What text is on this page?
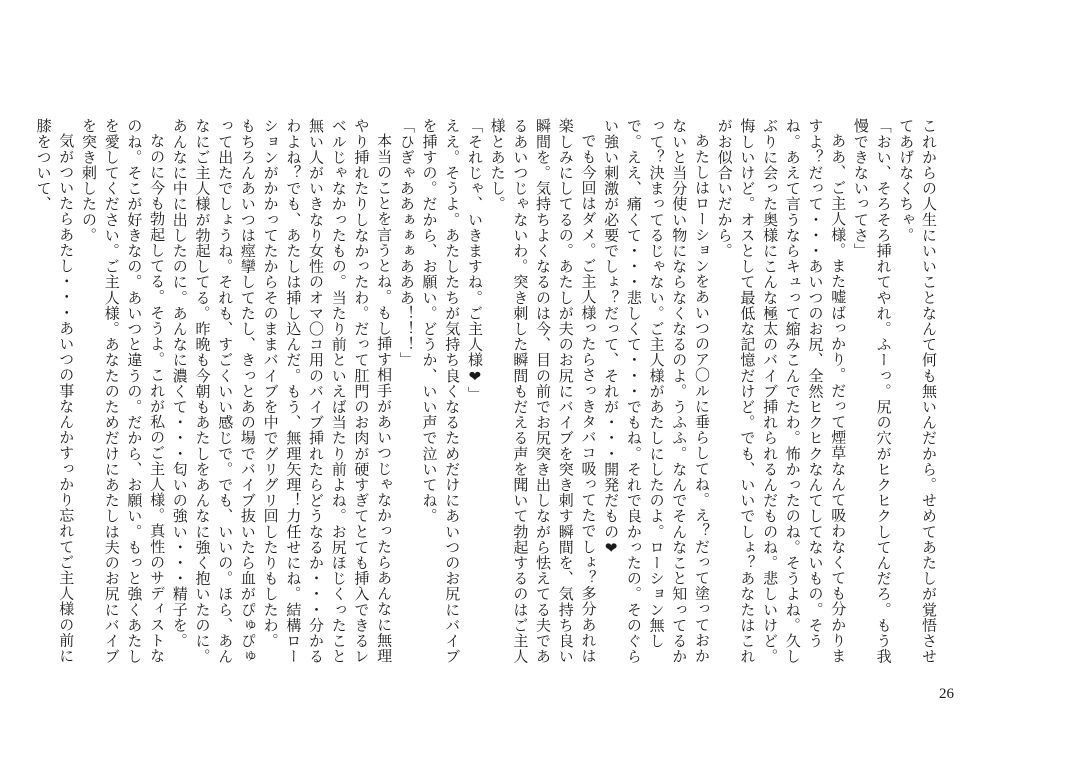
これからの人生にいいことなんて何も無いんだから。せめてあたしが覚悟させてあげなくちゃ。

「おい、そろそろ挿れてやれ。ふーっ。尻の穴がヒクヒクしてんだろ。もう我慢できないってさ」

ああ、ご主人様。また嘘ばっかり。だって煙草なんて吸わなくても分かりますよ？だって・・・あいつのお尻、全然ヒクヒクなんてしてないもの。そうね。あえて言うならキュって縮みこんでたわ。怖かったのね。そうよね。久しぶりに会った奥様にこんな極太のバイブ挿れられるんだものね。悲しいけど。悔しいけど。オスとして最低な記憶だけど。でも、いいでしょ？あなたはこれがお似合いだから。

あたしはローションをあいつのア〇ルに垂らしてね。え？だって塗っておかないと当分使い物にならなくなるのよ。うふふ。なんでそんなこと知ってるかって？決まってるじゃない。ご主人様があたしにしたのよ。ローション無しで。ええ、痛くて・・・悲しくて・・・でもね。それで良かったの。そのぐらい強い刺激が必要でしょ？だって、それが・・・開発だもの❤

でも今回はダメ。ご主人様ったらさっきタバコ吸ってたでしょ？多分あれは楽しみにしてるの。あたしが夫のお尻にバイブを突き刺す瞬間を、気持ち良い瞬間を。気持ちよくなるのは今、目の前でお尻突き出しながら怯えてる夫であるあいつじゃないわ。突き刺した瞬間もだえる声を聞いて勃起するのはご主人様とあたし。

「それじゃ、いきますね。ご主人様❤」

ええ。そうよ。あたしたちが気持ち良くなるためだけにあいつのお尻にバイブを挿すの。だから、お願い。どうか、いい声で泣いてね。

「ひぎゃああぁぁぁあああ！！！」

本当のことを言うとね。もし挿す相手があいつじゃなかったらあんなに無理やり挿れたりしなかったわ。だって肛門のお肉が硬すぎてとても挿入できるレベルじゃなかったもの。当たり前といえば当たり前よね。お尻ほじくったこと無い人がいきなり女性のオマ〇コ用のバイブ挿れたらどうなるか・・・分かるわよね？でも、あたしは挿し込んだ。もう、無理矢理！力任せにね。結構ローションがかかってたからそのままバイブを中でグリグリ回したりもしたわ。

もちろんあいつは痙攣してたし、きっとあの場でバイブ抜いたら血がぴゅぴゅって出たでしょうね。それも、すごくいい感じで。でも、いいの。ほら、あんなにご主人様が勃起してる。昨晩も今朝もあたしをあんなに強く抱いたのに。あんなに中に出したのに。あんなに濃くて・・・匂いの強い・・・精子を。

なのに今も勃起してる。そうよ。これが私のご主人様。真性のサディストなのね。そこが好きなの。あいつと違うの。だから、お願い。もっと強くあたしを愛してください。ご主人様。あなたのためだけにあたしは夫のお尻にバイブを突き刺したの。

気がついたらあたし・・・あいつの事なんかすっかり忘れてご主人様の前に膝をついて、

26
